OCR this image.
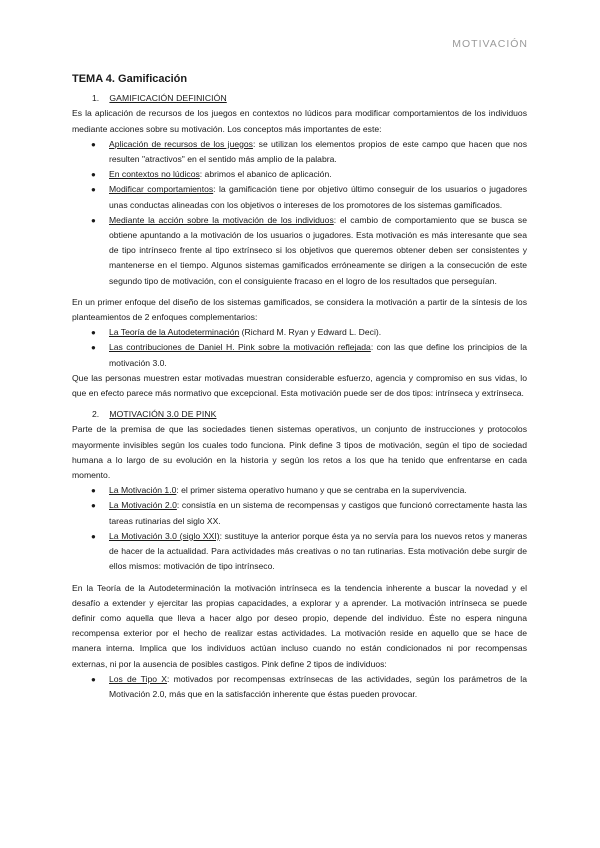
MOTIVACIÓN
TEMA 4. Gamificación
1. GAMIFICACIÓN DEFINICIÓN

Es la aplicación de recursos de los juegos en contextos no lúdicos para modificar comportamientos de los individuos mediante acciones sobre su motivación. Los conceptos más importantes de este:

● Aplicación de recursos de los juegos: se utilizan los elementos propios de este campo que hacen que nos resulten "atractivos" en el sentido más amplio de la palabra.
● En contextos no lúdicos: abrimos el abanico de aplicación.
● Modificar comportamientos: la gamificación tiene por objetivo último conseguir de los usuarios o jugadores unas conductas alineadas con los objetivos o intereses de los promotores de los sistemas gamificados.
● Mediante la acción sobre la motivación de los individuos: el cambio de comportamiento que se busca se obtiene apuntando a la motivación de los usuarios o jugadores. Esta motivación es más interesante que sea de tipo intrínseco frente al tipo extrínseco si los objetivos que queremos obtener deben ser consistentes y mantenerse en el tiempo. Algunos sistemas gamificados erróneamente se dirigen a la consecución de este segundo tipo de motivación, con el consiguiente fracaso en el logro de los resultados que perseguían.

En un primer enfoque del diseño de los sistemas gamificados, se considera la motivación a partir de la síntesis de los planteamientos de 2 enfoques complementarios:

● La Teoría de la Autodeterminación (Richard M. Ryan y Edward L. Deci).
● Las contribuciones de Daniel H. Pink sobre la motivación reflejada: con las que define los principios de la motivación 3.0.

Que las personas muestren estar motivadas muestran considerable esfuerzo, agencia y compromiso en sus vidas, lo que en efecto parece más normativo que excepcional. Esta motivación puede ser de dos tipos: intrínseca y extrínseca.

2. MOTIVACIÓN 3.0 DE PINK

Parte de la premisa de que las sociedades tienen sistemas operativos, un conjunto de instrucciones y protocolos mayormente invisibles según los cuales todo funciona. Pink define 3 tipos de motivación, según el tipo de sociedad humana a lo largo de su evolución en la historia y según los retos a los que ha tenido que enfrentarse en cada momento.

● La Motivación 1.0: el primer sistema operativo humano y que se centraba en la supervivencia.
● La Motivación 2.0: consistía en un sistema de recompensas y castigos que funcionó correctamente hasta las tareas rutinarias del siglo XX.
● La Motivación 3.0 (siglo XXI): sustituye la anterior porque ésta ya no servía para los nuevos retos y maneras de hacer de la actualidad. Para actividades más creativas o no tan rutinarias. Esta motivación debe surgir de ellos mismos: motivación de tipo intrínseco.

En la Teoría de la Autodeterminación la motivación intrínseca es la tendencia inherente a buscar la novedad y el desafío a extender y ejercitar las propias capacidades, a explorar y a aprender. La motivación intrínseca se puede definir como aquella que lleva a hacer algo por deseo propio, depende del individuo. Éste no espera ninguna recompensa exterior por el hecho de realizar estas actividades. La motivación reside en aquello que se hace de manera interna. Implica que los individuos actúan incluso cuando no están condicionados ni por recompensas externas, ni por la ausencia de posibles castigos. Pink define 2 tipos de individuos:

● Los de Tipo X: motivados por recompensas extrínsecas de las actividades, según los parámetros de la Motivación 2.0, más que en la satisfacción inherente que éstas pueden provocar.
